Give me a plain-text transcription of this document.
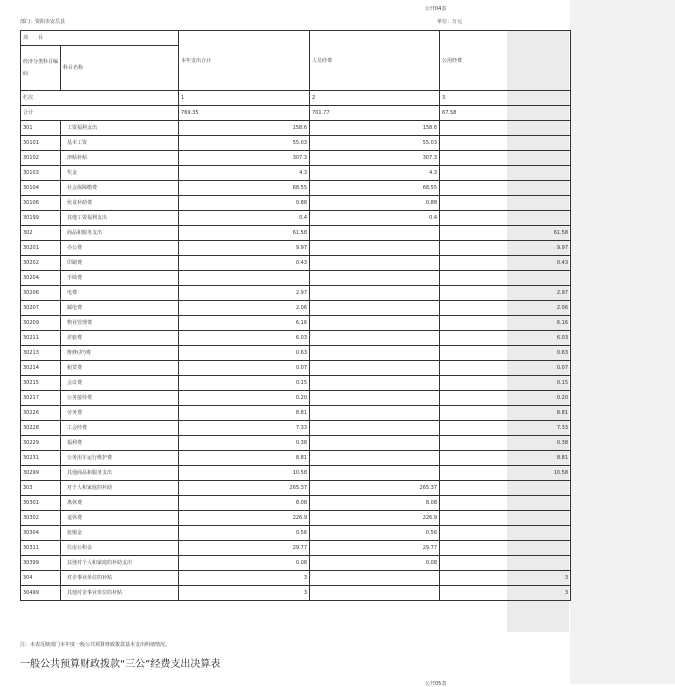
公开04表
部门：资阳市安岳县	单位：万元
项　　目		本年支出合计	人员经费	公用经费
经济分类科目编码	科目名称			
栏次		1	2	3
合计		769.35	701.77	67.58
301	工资福利支出	158.6	158.6	
30101	基本工资	55.03	55.03	
30102	津贴补贴	307.3	307.3	
30103	奖金	4.3	4.3	
30104	社会保障缴费	68.55	68.55	
30106	伙食补助费	0.88	0.88	
30199	其他工资福利支出	0.4	0.4	
302	商品和服务支出	61.58		61.58
30201	办公费	9.97		9.97
30202	印刷费	0.43		0.43
30204	手续费			
30206	电费	2.97		2.97
30207	邮电费	2.06		2.06
30209	物业管理费	6.16		6.16
30211	差旅费	6.03		6.03
30213	维修(护)费	0.63		0.63
30214	租赁费	0.07		0.07
30215	会议费	0.15		0.15
30217	公务接待费	0.20		0.20
30226	劳务费	8.81		8.81
30228	工会经费	7.33		7.33
30229	福利费	0.38		0.38
30231	公务用车运行维护费	8.81		8.81
30299	其他商品和服务支出	10.58		10.58
303	对个人和家庭的补助	265.37	265.37	
30301	离休费	8.08	8.08	
30302	退休费	226.9	226.9	
30304	抚恤金	0.56	0.56	
30311	住房公积金	29.77	29.77	
30399	其他对个人和家庭的补助支出	0.08	0.08	
304	对企事业单位的补贴	3		3
30499	其他对企事业单位的补贴	3		3
注：本表反映部门本年度一般公共预算财政拨款基本支出明细情况。
一般公共预算财政拨款“三公”经费支出决算表
公开05表
